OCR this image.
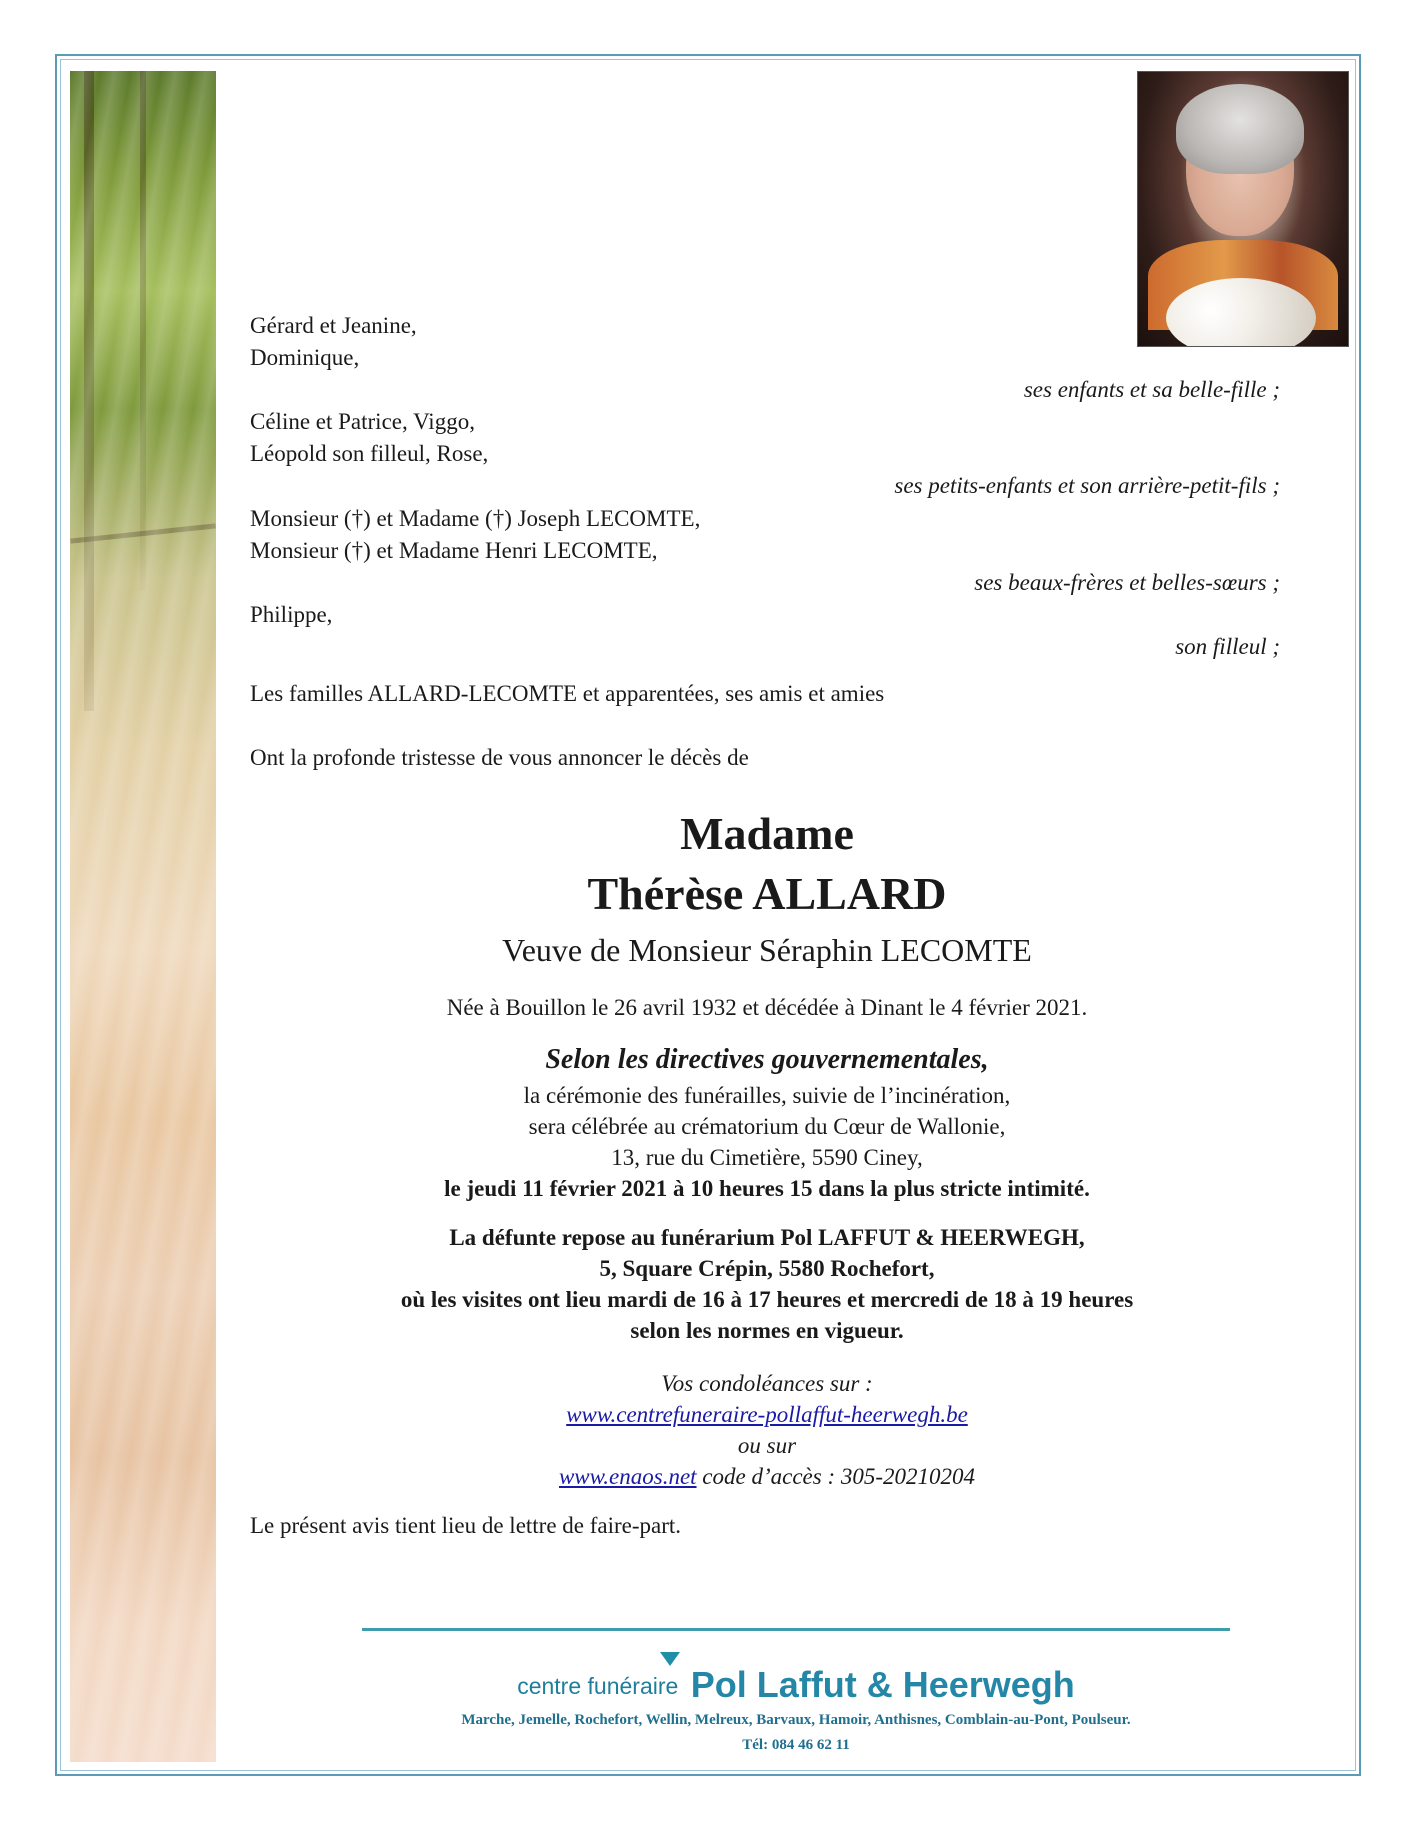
Gérard et Jeanine,
Dominique,
ses enfants et sa belle-fille ;
Céline et Patrice, Viggo,
Léopold son filleul, Rose,
ses petits-enfants et son arrière-petit-fils ;
Monsieur (†) et Madame (†) Joseph LECOMTE,
Monsieur (†) et Madame Henri LECOMTE,
ses beaux-frères et belles-sœurs ;
Philippe,
son filleul ;
Les familles ALLARD-LECOMTE et apparentées, ses amis et amies
Ont la profonde tristesse de vous annoncer le décès de
Madame
Thérèse ALLARD
Veuve de Monsieur Séraphin LECOMTE
Née à Bouillon le 26 avril 1932 et décédée à Dinant le 4 février 2021.
Selon les directives gouvernementales,
la cérémonie des funérailles, suivie de l’incinération,
sera célébrée au crématorium du Cœur de Wallonie,
13, rue du Cimetière, 5590 Ciney,
le jeudi 11 février 2021 à 10 heures 15 dans la plus stricte intimité.
La défunte repose au funérarium Pol LAFFUT & HEERWEGH,
5, Square Crépin, 5580 Rochefort,
où les visites ont lieu mardi de 16 à 17 heures et mercredi de 18 à 19 heures
selon les normes en vigueur.
Vos condoléances sur :
www.centrefuneraire-pollaffut-heerwegh.be
ou sur
www.enaos.net code d’accès : 305-20210204
Le présent avis tient lieu de lettre de faire-part.
centre funéraire Pol Laffut & Heerwegh
Marche, Jemelle, Rochefort, Wellin, Melreux, Barvaux, Hamoir, Anthisnes, Comblain-au-Pont, Poulseur.
Tél: 084 46 62 11
